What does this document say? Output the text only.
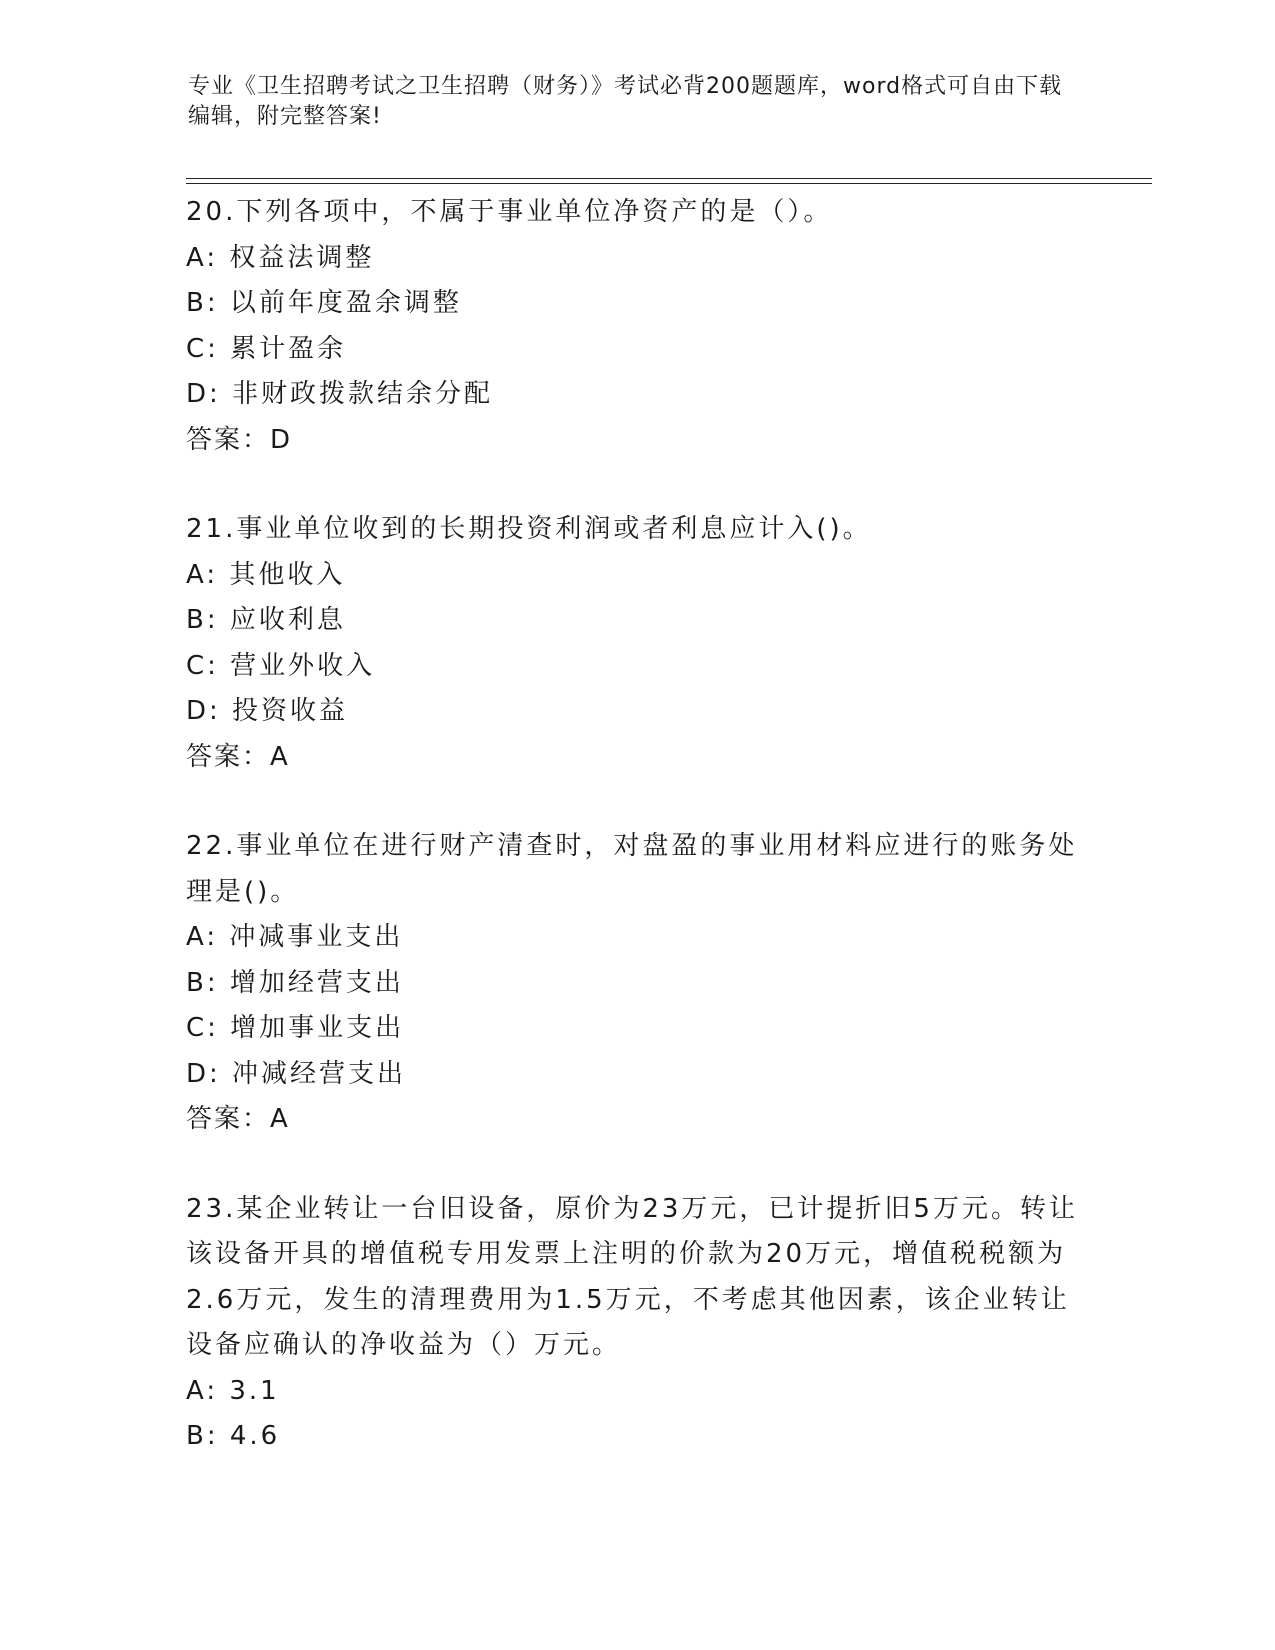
专业《卫生招聘考试之卫生招聘（财务）》考试必背200题题库，word格式可自由下载编辑，附完整答案!
20.下列各项中，不属于事业单位净资产的是（）。
A: 权益法调整
B: 以前年度盈余调整
C: 累计盈余
D: 非财政拨款结余分配
答案：D
21.事业单位收到的长期投资利润或者利息应计入()。
A: 其他收入
B: 应收利息
C: 营业外收入
D: 投资收益
答案：A
22.事业单位在进行财产清查时，对盘盈的事业用材料应进行的账务处理是()。
A: 冲减事业支出
B: 增加经营支出
C: 增加事业支出
D: 冲减经营支出
答案：A
23.某企业转让一台旧设备，原价为23万元，已计提折旧5万元。转让该设备开具的增值税专用发票上注明的价款为20万元，增值税税额为2.6万元，发生的清理费用为1.5万元，不考虑其他因素，该企业转让设备应确认的净收益为（）万元。
A: 3.1
B: 4.6
